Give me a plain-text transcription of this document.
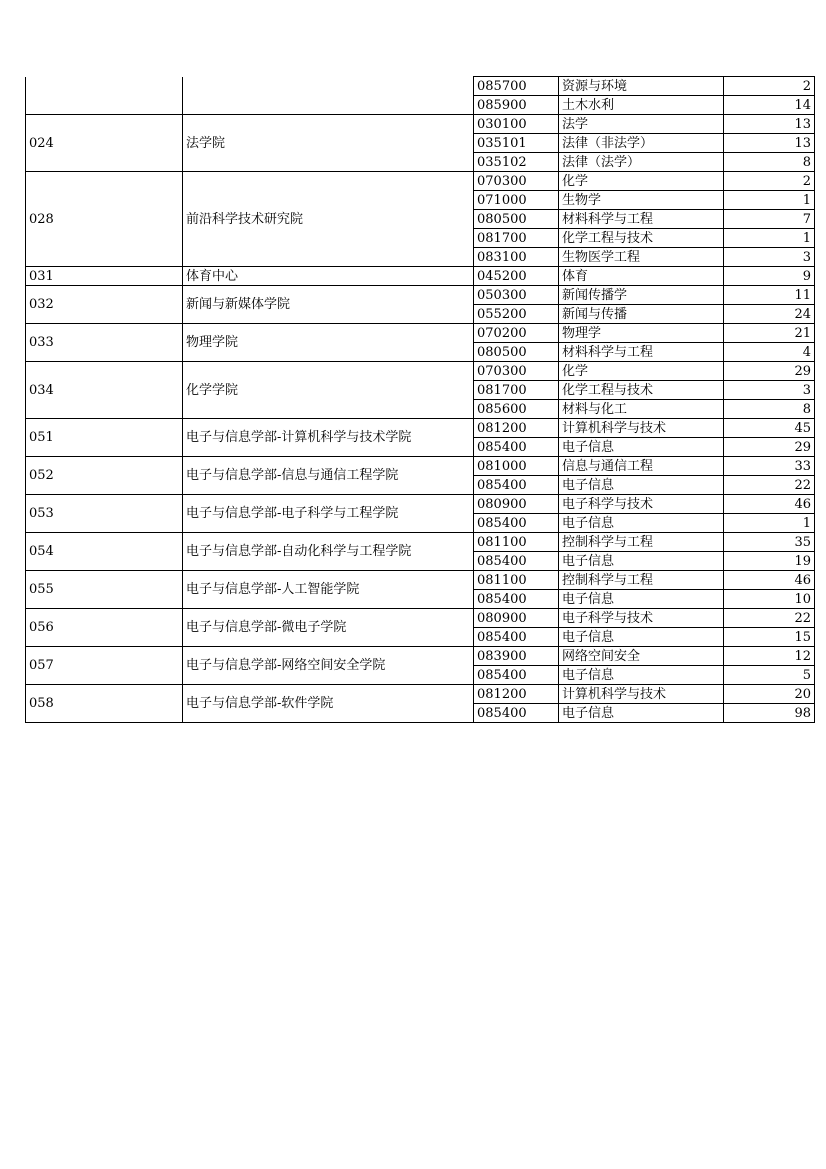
		085700	资源与环境	2
		085900	土木水利	14
024	法学院	030100	法学	13
		035101	法律（非法学）	13
		035102	法律（法学）	8
028	前沿科学技术研究院	070300	化学	2
		071000	生物学	1
		080500	材料科学与工程	7
		081700	化学工程与技术	1
		083100	生物医学工程	3
031	体育中心	045200	体育	9
032	新闻与新媒体学院	050300	新闻传播学	11
		055200	新闻与传播	24
033	物理学院	070200	物理学	21
		080500	材料科学与工程	4
034	化学学院	070300	化学	29
		081700	化学工程与技术	3
		085600	材料与化工	8
051	电子与信息学部-计算机科学与技术学院	081200	计算机科学与技术	45
		085400	电子信息	29
052	电子与信息学部-信息与通信工程学院	081000	信息与通信工程	33
		085400	电子信息	22
053	电子与信息学部-电子科学与工程学院	080900	电子科学与技术	46
		085400	电子信息	1
054	电子与信息学部-自动化科学与工程学院	081100	控制科学与工程	35
		085400	电子信息	19
055	电子与信息学部-人工智能学院	081100	控制科学与工程	46
		085400	电子信息	10
056	电子与信息学部-微电子学院	080900	电子科学与技术	22
		085400	电子信息	15
057	电子与信息学部-网络空间安全学院	083900	网络空间安全	12
		085400	电子信息	5
058	电子与信息学部-软件学院	081200	计算机科学与技术	20
		085400	电子信息	98
